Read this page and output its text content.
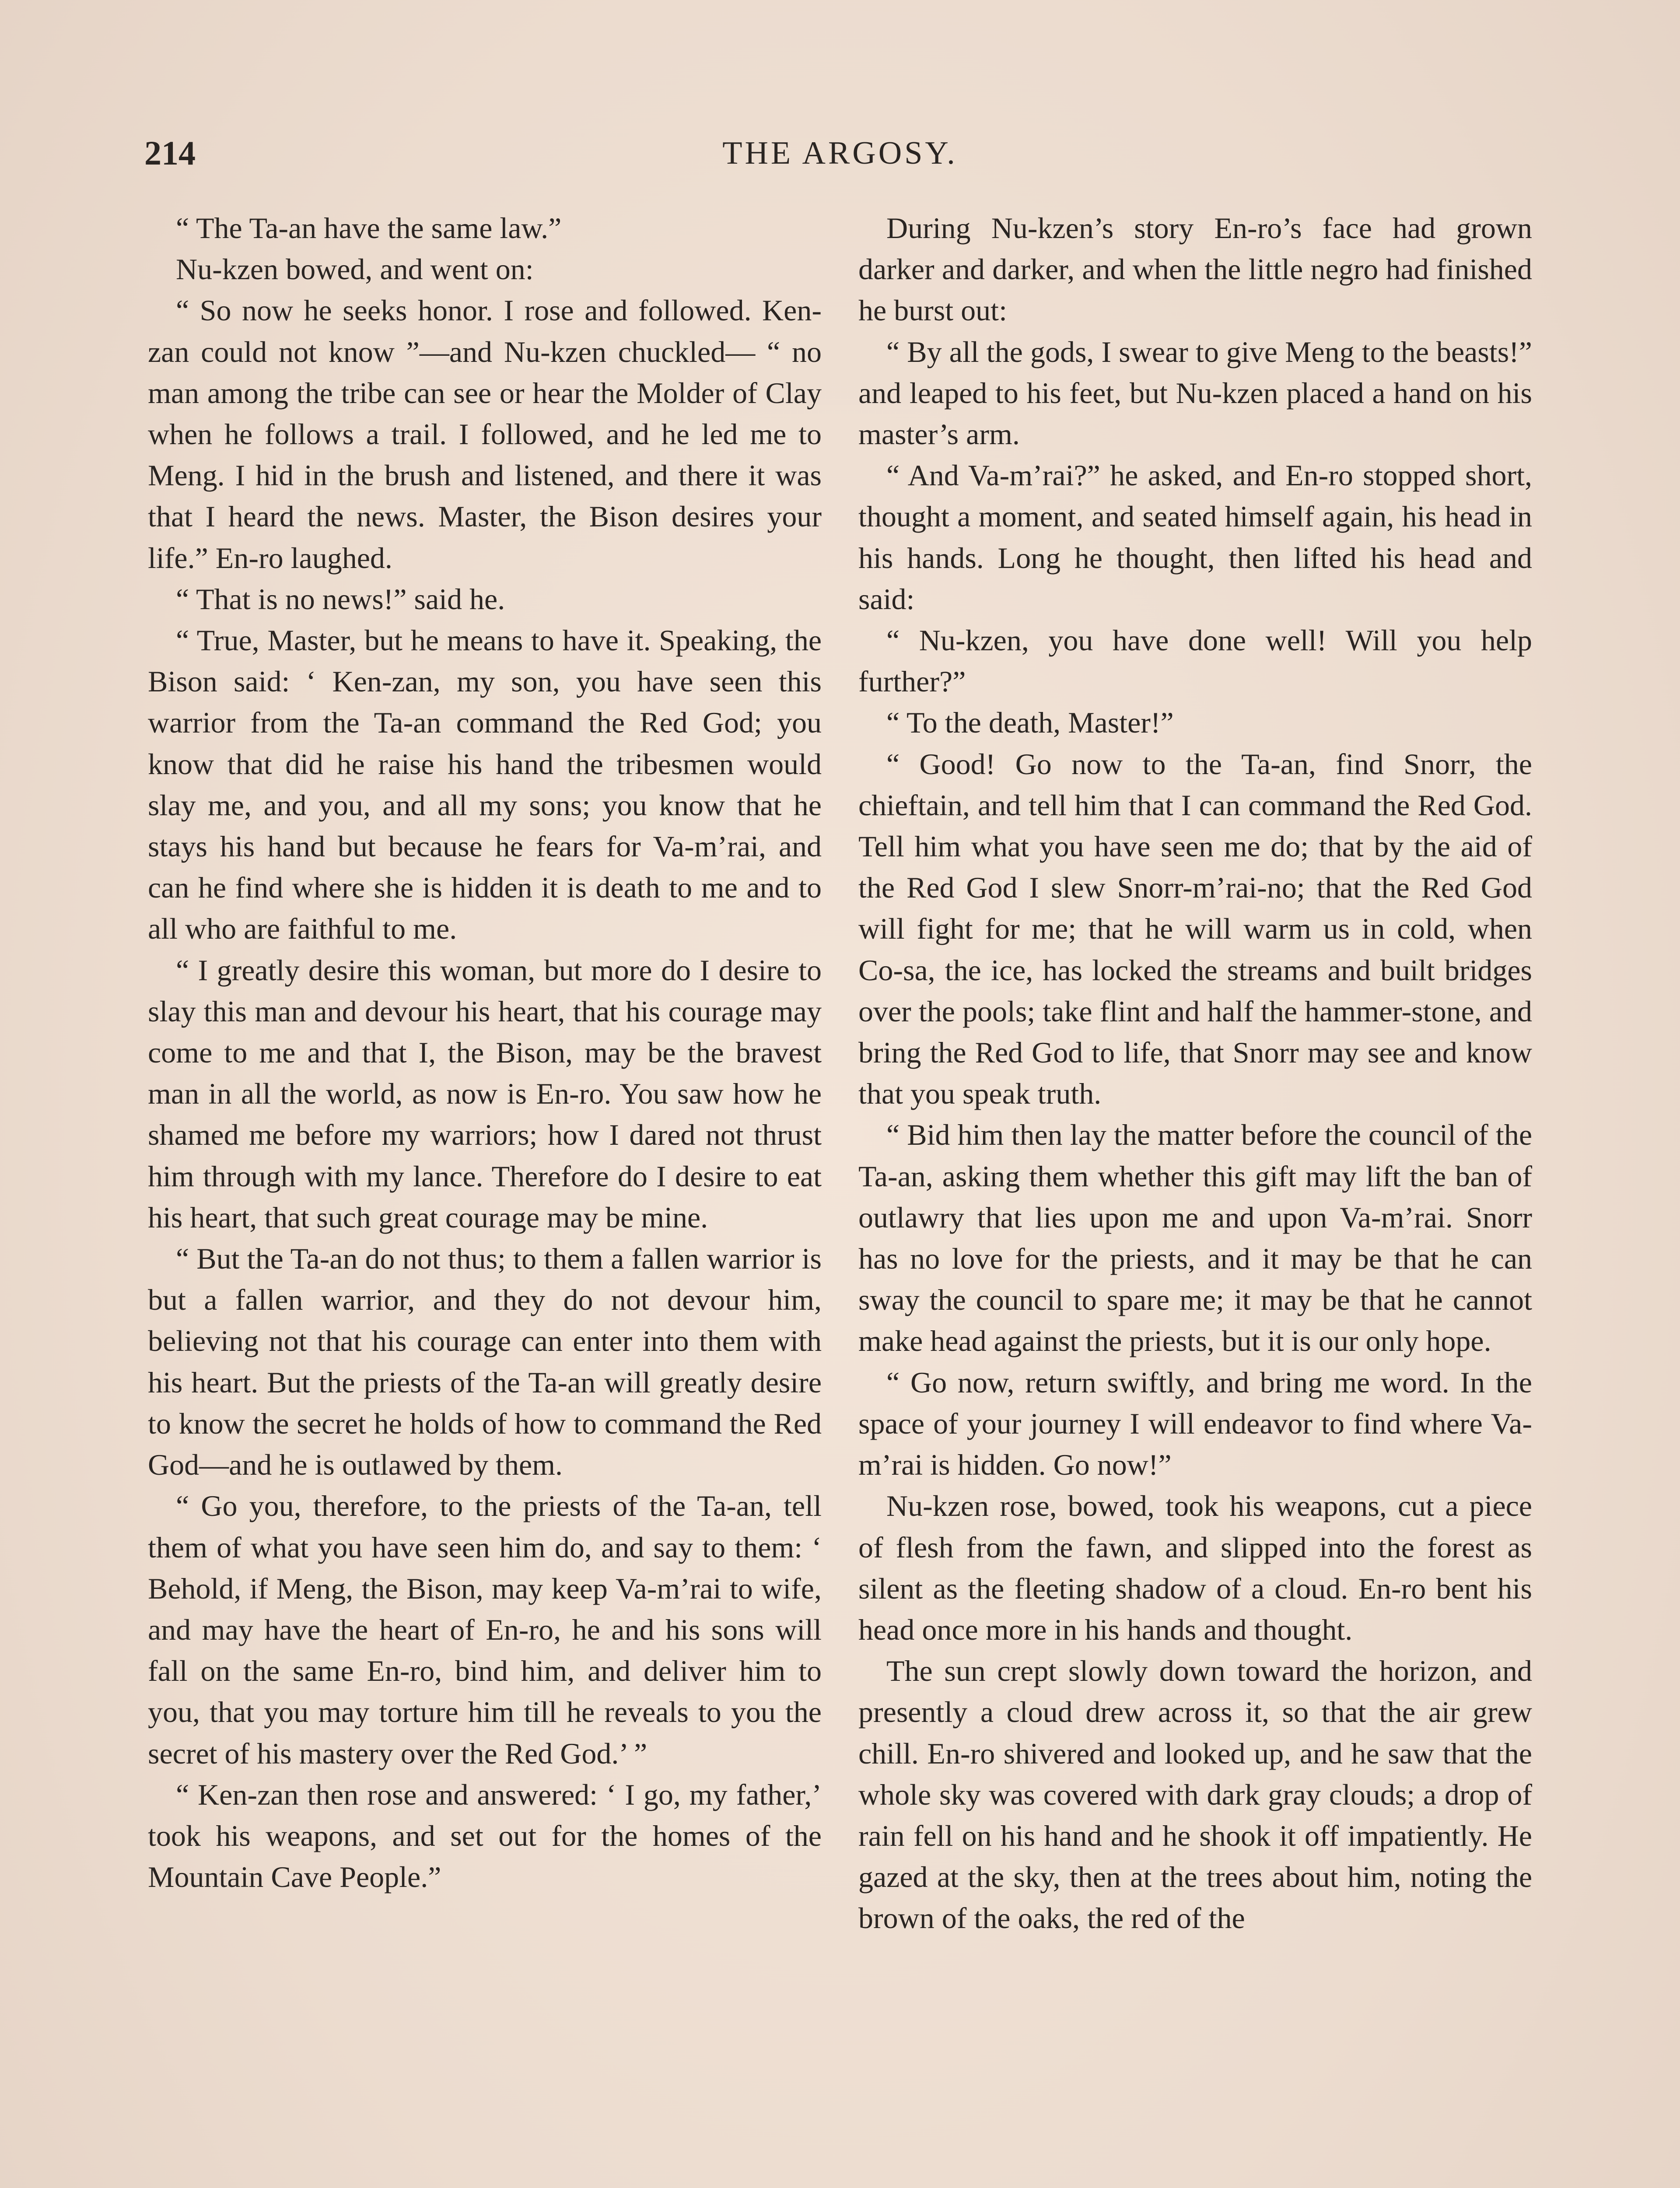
214	THE ARGOSY.

“ The Ta-an have the same law.”

Nu-kzen bowed, and went on:

“ So now he seeks honor. I rose and followed. Ken-zan could not know ”—and Nu-kzen chuckled— “ no man among the tribe can see or hear the Molder of Clay when he follows a trail. I followed, and he led me to Meng. I hid in the brush and listened, and there it was that I heard the news. Master, the Bison desires your life.” En-ro laughed.

“ That is no news!” said he.

“ True, Master, but he means to have it. Speaking, the Bison said: ‘ Ken-zan, my son, you have seen this warrior from the Ta-an command the Red God; you know that did he raise his hand the tribesmen would slay me, and you, and all my sons; you know that he stays his hand but because he fears for Va-m’rai, and can he find where she is hidden it is death to me and to all who are faithful to me.

“ I greatly desire this woman, but more do I desire to slay this man and devour his heart, that his courage may come to me and that I, the Bison, may be the bravest man in all the world, as now is En-ro. You saw how he shamed me before my warriors; how I dared not thrust him through with my lance. Therefore do I desire to eat his heart, that such great courage may be mine.

“ But the Ta-an do not thus; to them a fallen warrior is but a fallen warrior, and they do not devour him, believing not that his courage can enter into them with his heart. But the priests of the Ta-an will greatly desire to know the secret he holds of how to command the Red God—and he is outlawed by them.

“ Go you, therefore, to the priests of the Ta-an, tell them of what you have seen him do, and say to them: ‘ Behold, if Meng, the Bison, may keep Va-m’rai to wife, and may have the heart of En-ro, he and his sons will fall on the same En-ro, bind him, and deliver him to you, that you may torture him till he reveals to you the secret of his mastery over the Red God.’ ”

“ Ken-zan then rose and answered: ‘ I go, my father,’ took his weapons, and set out for the homes of the Mountain Cave People.”

During Nu-kzen’s story En-ro’s face had grown darker and darker, and when the little negro had finished he burst out:

“ By all the gods, I swear to give Meng to the beasts!” and leaped to his feet, but Nu-kzen placed a hand on his master’s arm.

“ And Va-m’rai?” he asked, and En-ro stopped short, thought a moment, and seated himself again, his head in his hands. Long he thought, then lifted his head and said:

“ Nu-kzen, you have done well! Will you help further?”

“ To the death, Master!”

“ Good! Go now to the Ta-an, find Snorr, the chieftain, and tell him that I can command the Red God. Tell him what you have seen me do; that by the aid of the Red God I slew Snorr-m’rai-no; that the Red God will fight for me; that he will warm us in cold, when Co-sa, the ice, has locked the streams and built bridges over the pools; take flint and half the hammer-stone, and bring the Red God to life, that Snorr may see and know that you speak truth.

“ Bid him then lay the matter before the council of the Ta-an, asking them whether this gift may lift the ban of outlawry that lies upon me and upon Va-m’rai. Snorr has no love for the priests, and it may be that he can sway the council to spare me; it may be that he cannot make head against the priests, but it is our only hope.

“ Go now, return swiftly, and bring me word. In the space of your journey I will endeavor to find where Va-m’rai is hidden. Go now!”

Nu-kzen rose, bowed, took his weapons, cut a piece of flesh from the fawn, and slipped into the forest as silent as the fleeting shadow of a cloud. En-ro bent his head once more in his hands and thought.

The sun crept slowly down toward the horizon, and presently a cloud drew across it, so that the air grew chill. En-ro shivered and looked up, and he saw that the whole sky was covered with dark gray clouds; a drop of rain fell on his hand and he shook it off impatiently. He gazed at the sky, then at the trees about him, noting the brown of the oaks, the red of the
